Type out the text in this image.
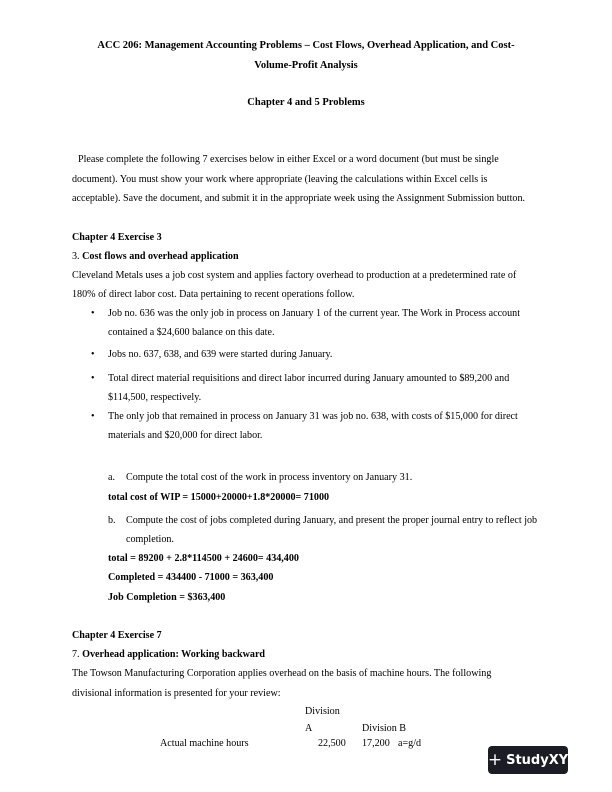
ACC 206: Management Accounting Problems – Cost Flows, Overhead Application, and Cost-

Volume-Profit Analysis

Chapter 4 and 5 Problems

Please complete the following 7 exercises below in either Excel or a word document (but must be single

document). You must show your work where appropriate (leaving the calculations within Excel cells is

acceptable). Save the document, and submit it in the appropriate week using the Assignment Submission button.

Chapter 4 Exercise 3

3. Cost flows and overhead application

Cleveland Metals uses a job cost system and applies factory overhead to production at a predetermined rate of

180% of direct labor cost. Data pertaining to recent operations follow.

• Job no. 636 was the only job in process on January 1 of the current year. The Work in Process account

contained a $24,600 balance on this date.

• Jobs no. 637, 638, and 639 were started during January.

• Total direct material requisitions and direct labor incurred during January amounted to $89,200 and

$114,500, respectively.

• The only job that remained in process on January 31 was job no. 638, with costs of $15,000 for direct

materials and $20,000 for direct labor.

a. Compute the total cost of the work in process inventory on January 31.

total cost of WIP = 15000+20000+1.8*20000= 71000

b. Compute the cost of jobs completed during January, and present the proper journal entry to reflect job

completion.

total = 89200 + 2.8*114500 + 24600= 434,400

Completed = 434400 - 71000 = 363,400

Job Completion = $363,400

Chapter 4 Exercise 7

7. Overhead application: Working backward

The Towson Manufacturing Corporation applies overhead on the basis of machine hours. The following

divisional information is presented for your review:

Division
A	Division B
Actual machine hours	22,500 17,200 a=g/d
+ StudyXY
